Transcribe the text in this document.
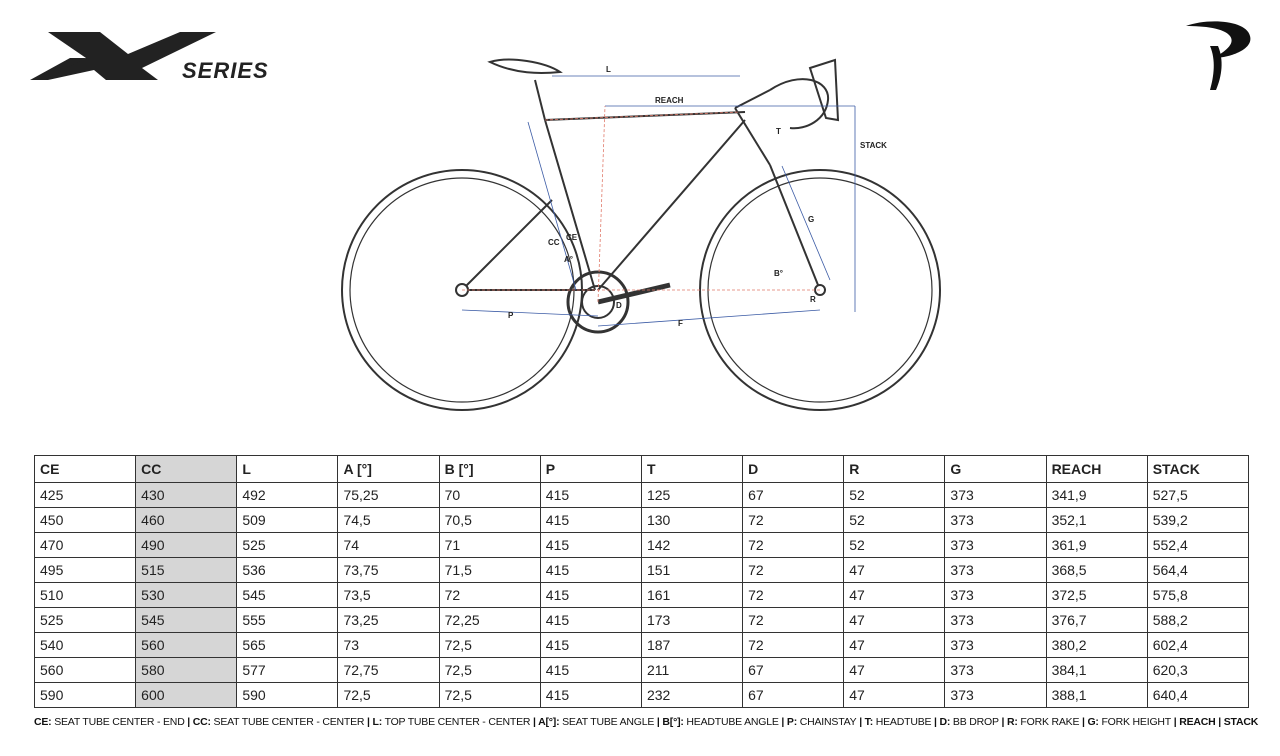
SERIES	L
REACH
STACK
T
G
CC
CE
A°
B°
P
F
D
R
CE	CC	L	A [°]	B [°]	P	T	D	R	G	REACH	STACK
425	430	492	75,25	70	415	125	67	52	373	341,9	527,5
450	460	509	74,5	70,5	415	130	72	52	373	352,1	539,2
470	490	525	74	71	415	142	72	52	373	361,9	552,4
495	515	536	73,75	71,5	415	151	72	47	373	368,5	564,4
510	530	545	73,5	72	415	161	72	47	373	372,5	575,8
525	545	555	73,25	72,25	415	173	72	47	373	376,7	588,2
540	560	565	73	72,5	415	187	72	47	373	380,2	602,4
560	580	577	72,75	72,5	415	211	67	47	373	384,1	620,3
590	600	590	72,5	72,5	415	232	67	47	373	388,1	640,4
CE: SEAT TUBE CENTER - END | CC: SEAT TUBE CENTER - CENTER | L: TOP TUBE CENTER - CENTER | A[°]: SEAT TUBE ANGLE | B[°]: HEADTUBE ANGLE | P: CHAINSTAY | T: HEADTUBE | D: BB DROP | R: FORK RAKE | G: FORK HEIGHT | REACH | STACK
